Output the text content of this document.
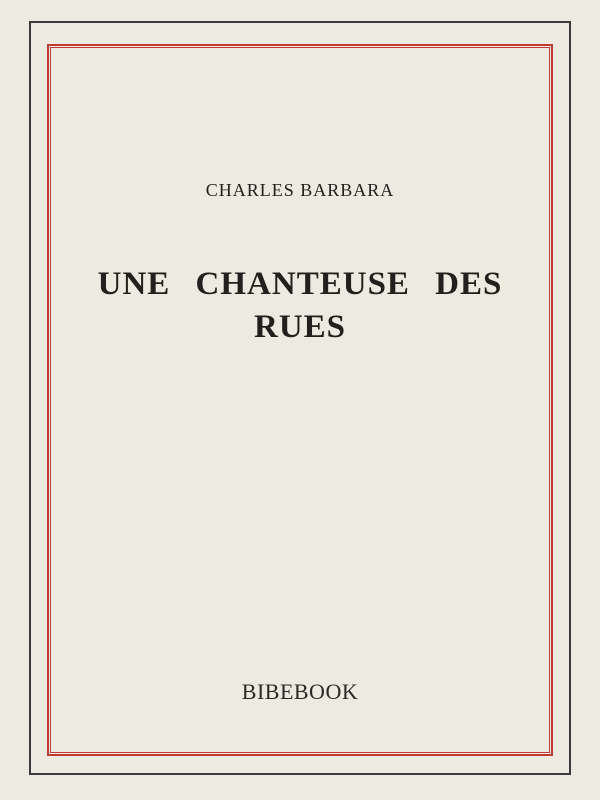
CHARLES BARBARA
UNE CHANTEUSE DES RUES
BIBEBOOK
